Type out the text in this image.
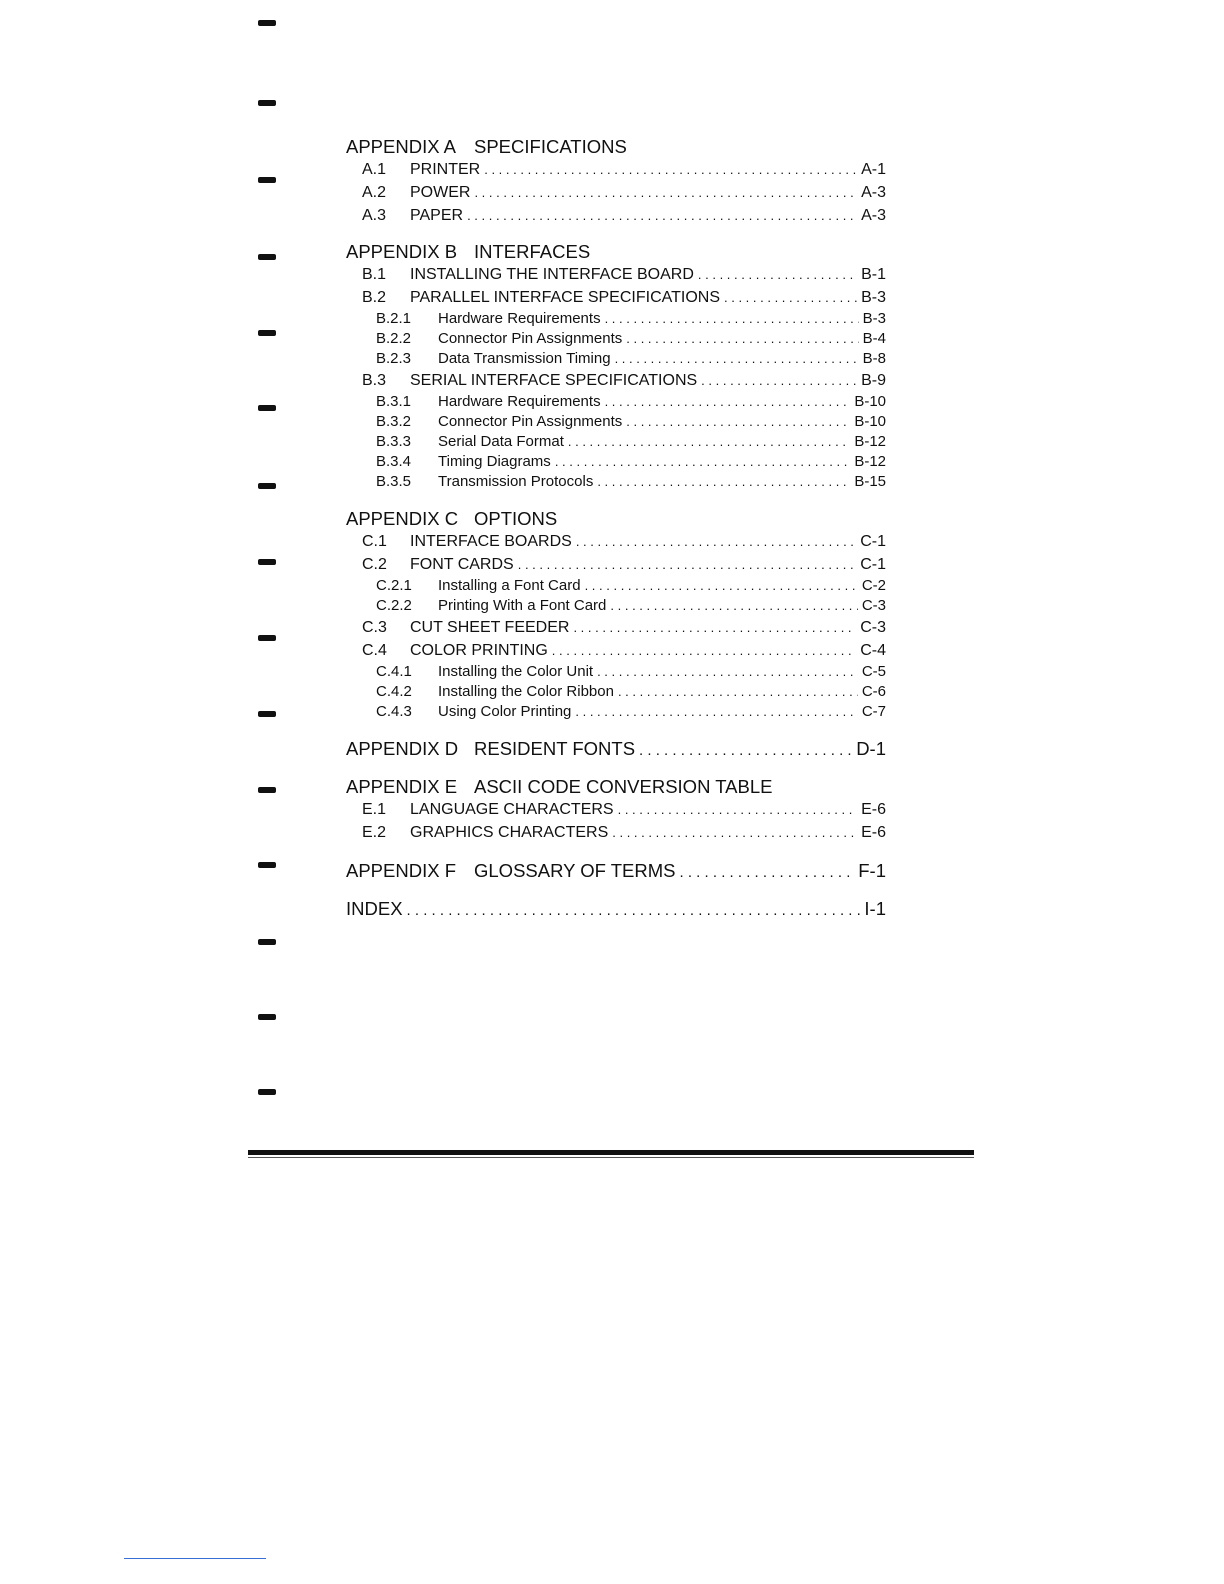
APPENDIX A SPECIFICATIONS
A.1	PRINTER . . .	A-1
A.2	POWER . . .	A-3
A.3	PAPER . . .	A-3
APPENDIX B INTERFACES
B.1	INSTALLING THE INTERFACE BOARD . . .	B-1
B.2	PARALLEL INTERFACE SPECIFICATIONS . . .	B-3
B.2.1	Hardware Requirements . . .	B-3
B.2.2	Connector Pin Assignments . . .	B-4
B.2.3	Data Transmission Timing . . .	B-8
B.3	SERIAL INTERFACE SPECIFICATIONS . . .	B-9
B.3.1	Hardware Requirements . . .	B-10
B.3.2	Connector Pin Assignments . . .	B-10
B.3.3	Serial Data Format . . .	B-12
B.3.4	Timing Diagrams . . .	B-12
B.3.5	Transmission Protocols . . .	B-15
APPENDIX C OPTIONS
C.1	INTERFACE BOARDS . . .	C-1
C.2	FONT CARDS . . .	C-1
C.2.1	Installing a Font Card . . .	C-2
C.2.2	Printing With a Font Card . . .	C-3
C.3	CUT SHEET FEEDER . . .	C-3
C.4	COLOR PRINTING . . .	C-4
C.4.1	Installing the Color Unit . . .	C-5
C.4.2	Installing the Color Ribbon . . .	C-6
C.4.3	Using Color Printing . . .	C-7
APPENDIX D RESIDENT FONTS . . .	D-1
APPENDIX E ASCII CODE CONVERSION TABLE
E.1	LANGUAGE CHARACTERS . . .	E-6
E.2	GRAPHICS CHARACTERS . . .	E-6
APPENDIX F GLOSSARY OF TERMS . . .	F-1
INDEX . . .	I-1
